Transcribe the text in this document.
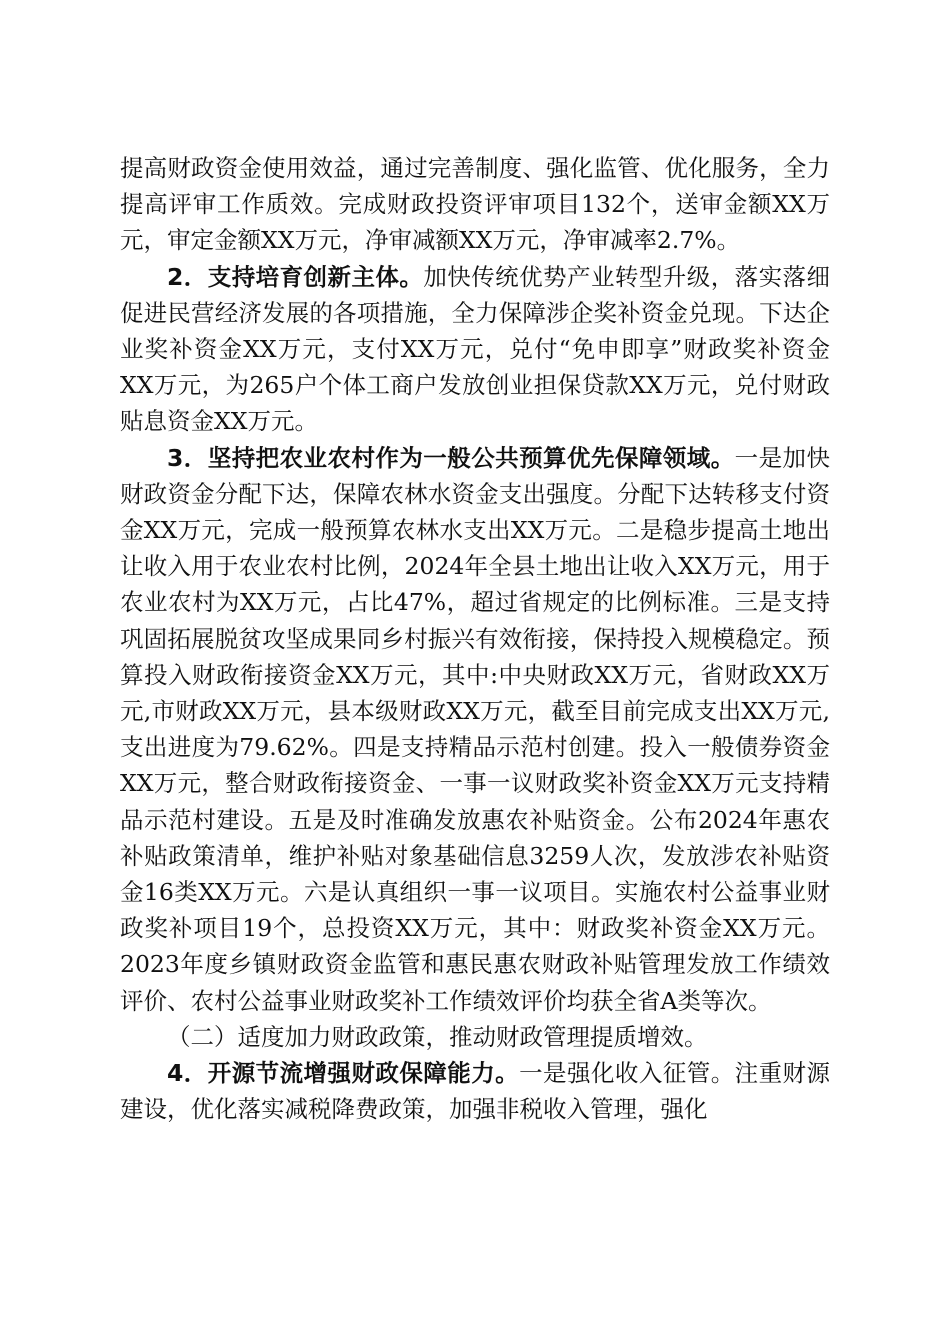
提高财政资金使用效益，通过完善制度、强化监管、优化服务，全力提高评审工作质效。完成财政投资评审项目132个，送审金额XX万元，审定金额XX万元，净审减额XX万元，净审减率2.7%。

2．支持培育创新主体。加快传统优势产业转型升级，落实落细促进民营经济发展的各项措施，全力保障涉企奖补资金兑现。下达企业奖补资金XX万元，支付XX万元，兑付“免申即享”财政奖补资金XX万元，为265户个体工商户发放创业担保贷款XX万元，兑付财政贴息资金XX万元。

3．坚持把农业农村作为一般公共预算优先保障领域。一是加快财政资金分配下达，保障农林水资金支出强度。分配下达转移支付资金XX万元，完成一般预算农林水支出XX万元。二是稳步提高土地出让收入用于农业农村比例，2024年全县土地出让收入XX万元，用于农业农村为XX万元，占比47%，超过省规定的比例标准。三是支持巩固拓展脱贫攻坚成果同乡村振兴有效衔接，保持投入规模稳定。预算投入财政衔接资金XX万元，其中:中央财政XX万元，省财政XX万元,市财政XX万元，县本级财政XX万元，截至目前完成支出XX万元,支出进度为79.62%。四是支持精品示范村创建。投入一般债券资金XX万元，整合财政衔接资金、一事一议财政奖补资金XX万元支持精品示范村建设。五是及时准确发放惠农补贴资金。公布2024年惠农补贴政策清单，维护补贴对象基础信息3259人次，发放涉农补贴资金16类XX万元。六是认真组织一事一议项目。实施农村公益事业财政奖补项目19个，总投资XX万元，其中：财政奖补资金XX万元。2023年度乡镇财政资金监管和惠民惠农财政补贴管理发放工作绩效评价、农村公益事业财政奖补工作绩效评价均获全省A类等次。

（二）适度加力财政政策，推动财政管理提质增效。

4．开源节流增强财政保障能力。一是强化收入征管。注重财源建设，优化落实减税降费政策，加强非税收入管理，强化
